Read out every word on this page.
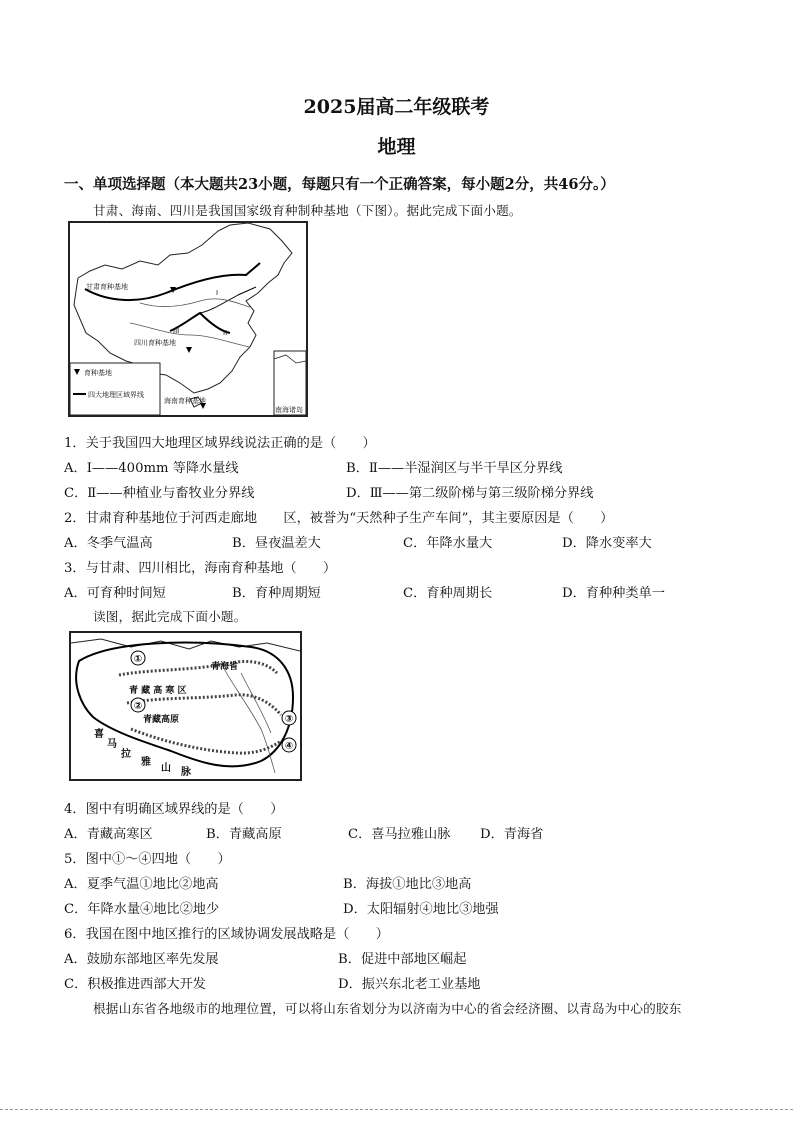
2025届高二年级联考
地理
一、单项选择题（本大题共23小题，每题只有一个正确答案，每小题2分，共46分。）
甘肃、海南、四川是我国国家级育种制种基地（下图）。据此完成下面小题。
甘肃育种基地
I
II
III
四川育种基地
海南育种基地
育种基地
四大地理区域界线
南海诸岛
1．关于我国四大地理区域界线说法正确的是（　　）
A．Ⅰ——400mm 等降水量线	B．Ⅱ——半湿润区与半干旱区分界线
C．Ⅱ——种植业与畜牧业分界线	D．Ⅲ——第二级阶梯与第三级阶梯分界线
2．甘肃育种基地位于河西走廊地　　区，被誉为“天然种子生产车间”，其主要原因是（　　）
A．冬季气温高	B．昼夜温差大	C．年降水量大	D．降水变率大
3．与甘肃、四川相比，海南育种基地（　　）
A．可育种时间短	B．育种周期短	C．育种周期长	D．育种种类单一
读图，据此完成下面小题。
①
②
③
④
青海省
青 藏 高 寒 区
青藏高原
喜
马
拉
雅
山 脉
4．图中有明确区域界线的是（　　）
A．青藏高寒区	B．青藏高原	C．喜马拉雅山脉 D．青海省
5．图中①～④四地（　　）
A．夏季气温①地比②地高	B．海拔①地比③地高
C．年降水量④地比②地少	D．太阳辐射④地比③地强
6．我国在图中地区推行的区域协调发展战略是（　　）
A．鼓励东部地区率先发展	B．促进中部地区崛起
C．积极推进西部大开发	D．振兴东北老工业基地
根据山东省各地级市的地理位置，可以将山东省划分为以济南为中心的省会经济圈、以青岛为中心的胶东
